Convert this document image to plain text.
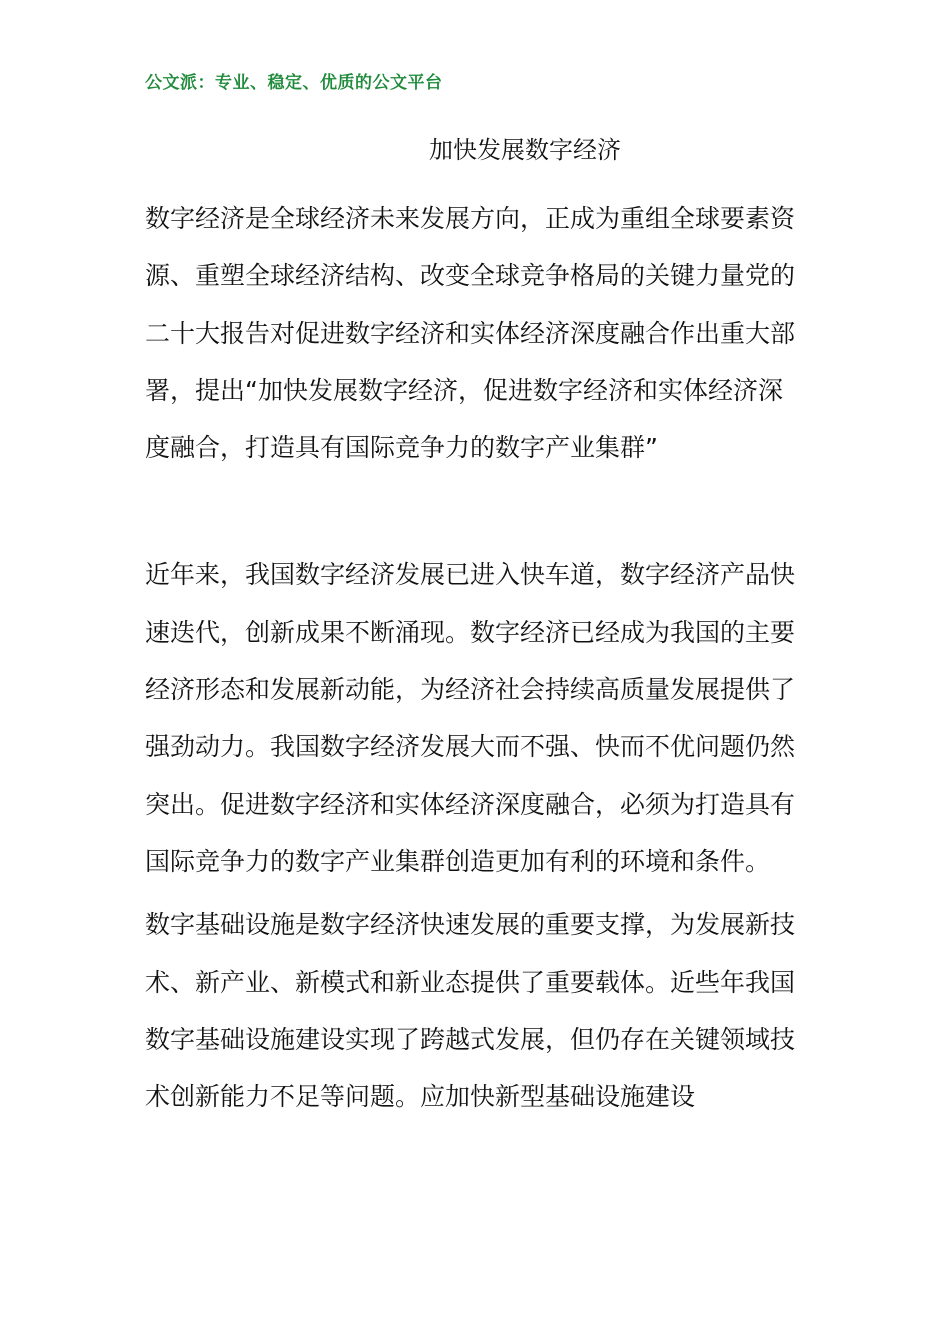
公文派：专业、稳定、优质的公文平台
加快发展数字经济

数字经济是全球经济未来发展方向，正成为重组全球要素资源、重塑全球经济结构、改变全球竞争格局的关键力量党的二十大报告对促进数字经济和实体经济深度融合作出重大部署，提出“加快发展数字经济，促进数字经济和实体经济深度融合，打造具有国际竞争力的数字产业集群”

近年来，我国数字经济发展已进入快车道，数字经济产品快速迭代，创新成果不断涌现。数字经济已经成为我国的主要经济形态和发展新动能，为经济社会持续高质量发展提供了强劲动力。我国数字经济发展大而不强、快而不优问题仍然突出。促进数字经济和实体经济深度融合，必须为打造具有国际竞争力的数字产业集群创造更加有利的环境和条件。

数字基础设施是数字经济快速发展的重要支撑，为发展新技术、新产业、新模式和新业态提供了重要载体。近些年我国数字基础设施建设实现了跨越式发展，但仍存在关键领域技术创新能力不足等问题。应加快新型基础设施建设
